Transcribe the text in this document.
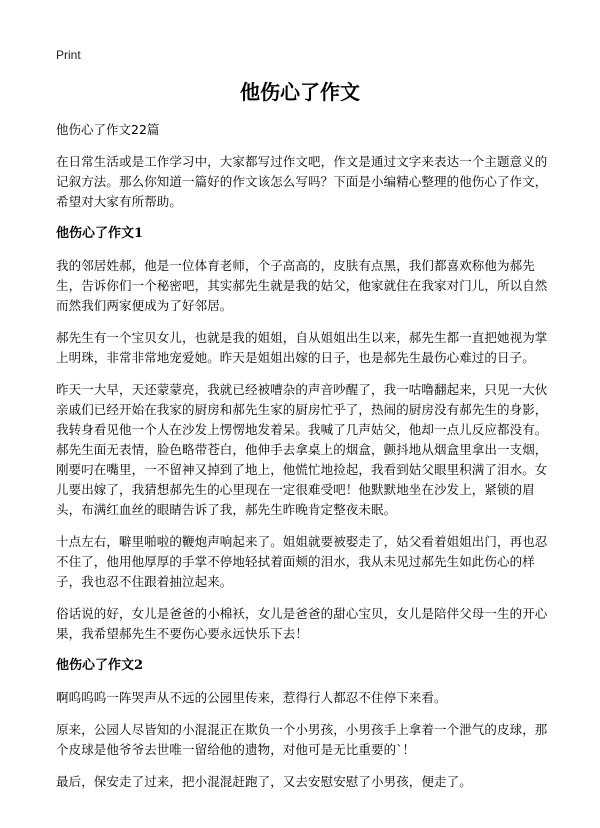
Print
他伤心了作文

他伤心了作文22篇

在日常生活或是工作学习中，大家都写过作文吧，作文是通过文字来表达一个主题意义的记叙方法。那么你知道一篇好的作文该怎么写吗？下面是小编精心整理的他伤心了作文，希望对大家有所帮助。

他伤心了作文1

我的邻居姓郝，他是一位体育老师，个子高高的，皮肤有点黑，我们都喜欢称他为郝先生，告诉你们一个秘密吧，其实郝先生就是我的姑父，他家就住在我家对门儿，所以自然而然我们两家便成为了好邻居。

郝先生有一个宝贝女儿，也就是我的姐姐，自从姐姐出生以来，郝先生都一直把她视为掌上明珠，非常非常地宠爱她。昨天是姐姐出嫁的日子，也是郝先生最伤心难过的日子。

昨天一大早，天还蒙蒙亮，我就已经被嘈杂的声音吵醒了，我一咕噜翻起来，只见一大伙亲戚们已经开始在我家的厨房和郝先生家的厨房忙乎了，热闹的厨房没有郝先生的身影，我转身看见他一个人在沙发上愣愣地发着呆。我喊了几声姑父，他却一点儿反应都没有。郝先生面无表情，脸色略带苍白，他伸手去拿桌上的烟盒，颤抖地从烟盒里拿出一支烟，刚要叼在嘴里，一不留神又掉到了地上，他慌忙地捡起，我看到姑父眼里积满了泪水。女儿要出嫁了，我猜想郝先生的心里现在一定很难受吧！他默默地坐在沙发上，紧锁的眉头，布满红血丝的眼睛告诉了我，郝先生昨晚肯定整夜未眠。

十点左右，噼里啪啦的鞭炮声响起来了。姐姐就要被娶走了，姑父看着姐姐出门，再也忍不住了，他用他厚厚的手掌不停地轻拭着面颊的泪水，我从未见过郝先生如此伤心的样子，我也忍不住跟着抽泣起来。

俗话说的好，女儿是爸爸的小棉袄，女儿是爸爸的甜心宝贝，女儿是陪伴父母一生的开心果，我希望郝先生不要伤心要永远快乐下去！

他伤心了作文2

啊呜呜呜一阵哭声从不远的公园里传来，惹得行人都忍不住停下来看。

原来，公园人尽皆知的小混混正在欺负一个小男孩，小男孩手上拿着一个泄气的皮球，那个皮球是他爷爷去世唯一留给他的遗物，对他可是无比重要的`！

最后，保安走了过来，把小混混赶跑了，又去安慰安慰了小男孩，便走了。
